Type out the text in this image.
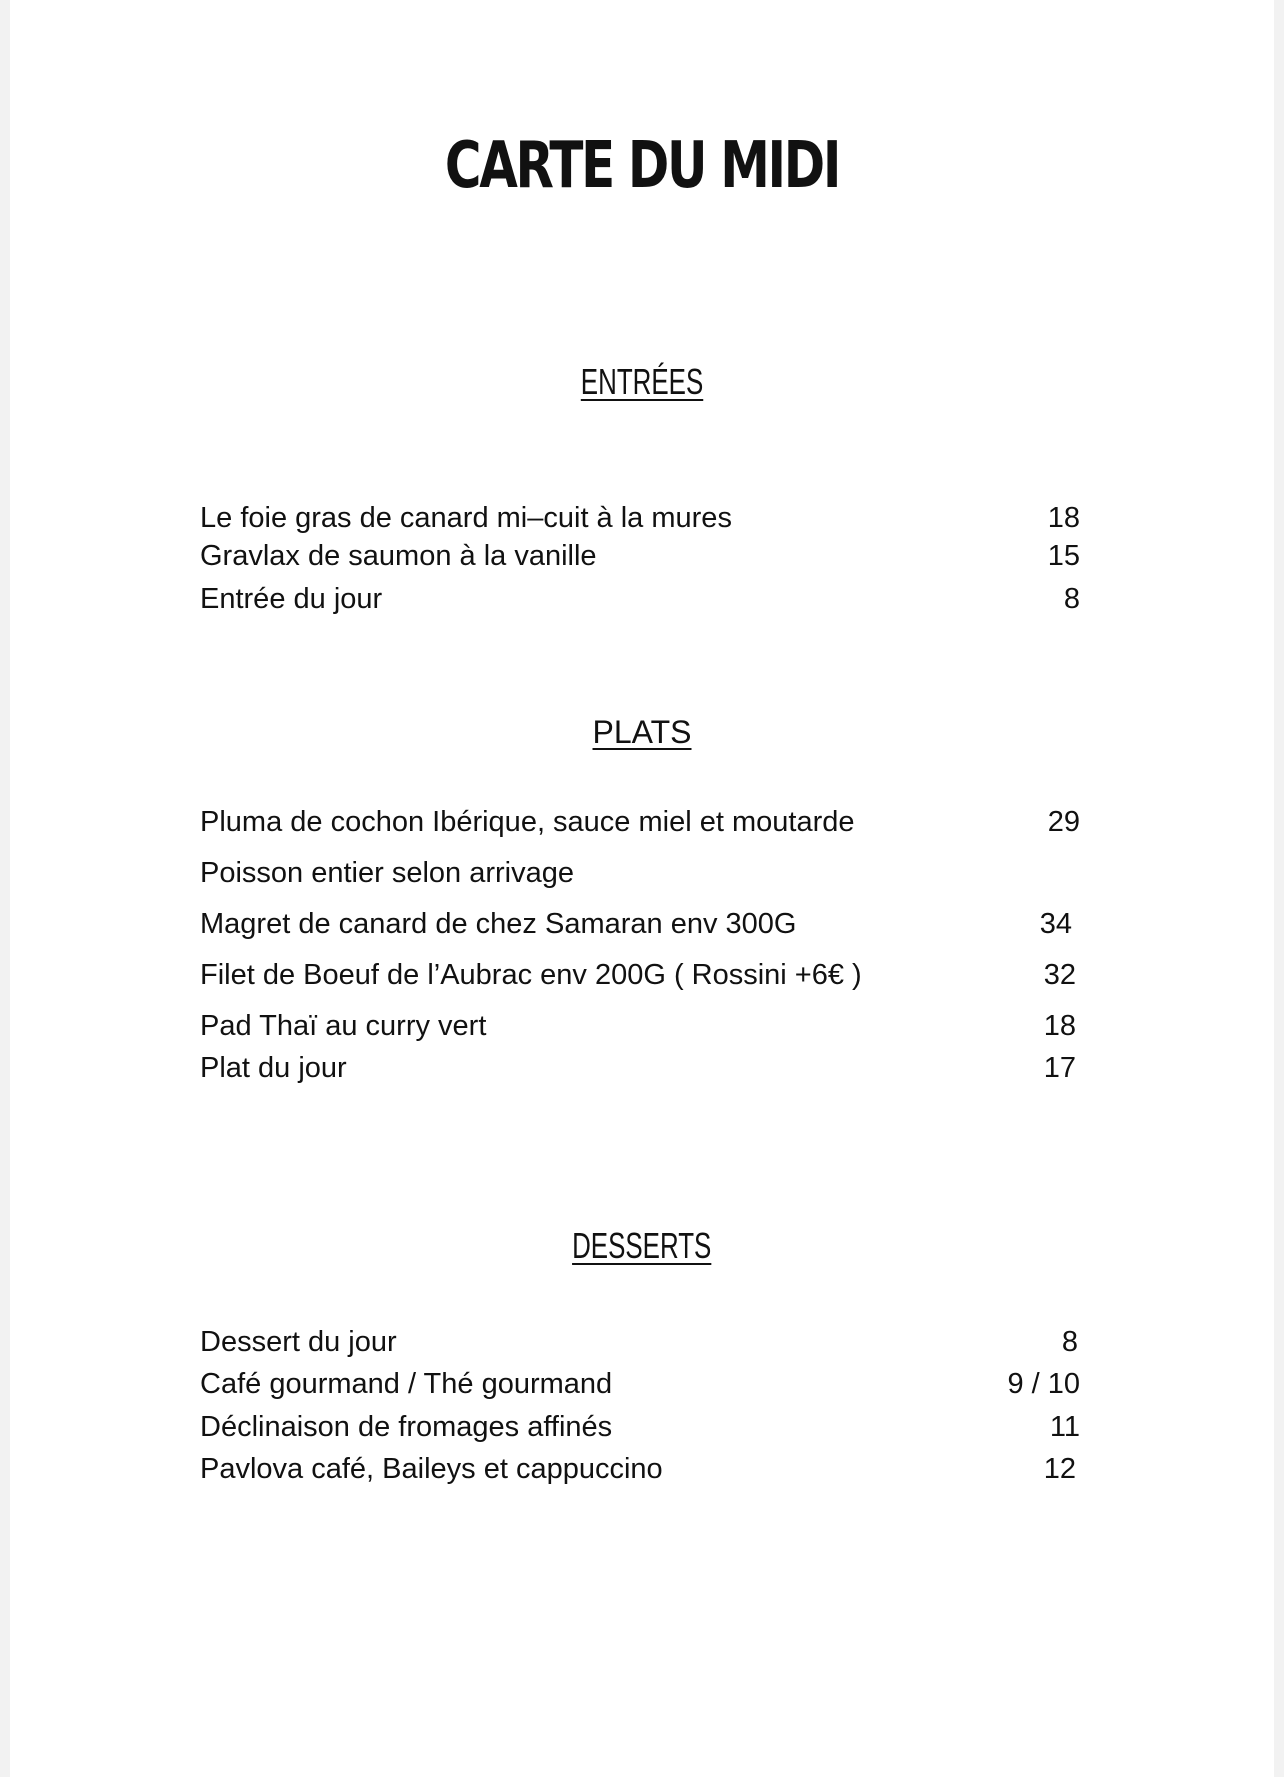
CARTE DU MIDI
ENTRÉES
Le foie gras de canard mi–cuit à la mures	18
Gravlax de saumon à la vanille	15
Entrée du jour	8
PLATS
Pluma de cochon Ibérique, sauce miel et moutarde	29
Poisson entier selon arrivage
Magret de canard de chez Samaran env 300G	34
Filet de Boeuf de l’Aubrac env 200G ( Rossini +6€ )	32
Pad Thaï au curry vert	18
Plat du jour	17
DESSERTS
Dessert du jour	8
Café gourmand / Thé gourmand	9 / 10
Déclinaison de fromages affinés	11
Pavlova café, Baileys et cappuccino	12
